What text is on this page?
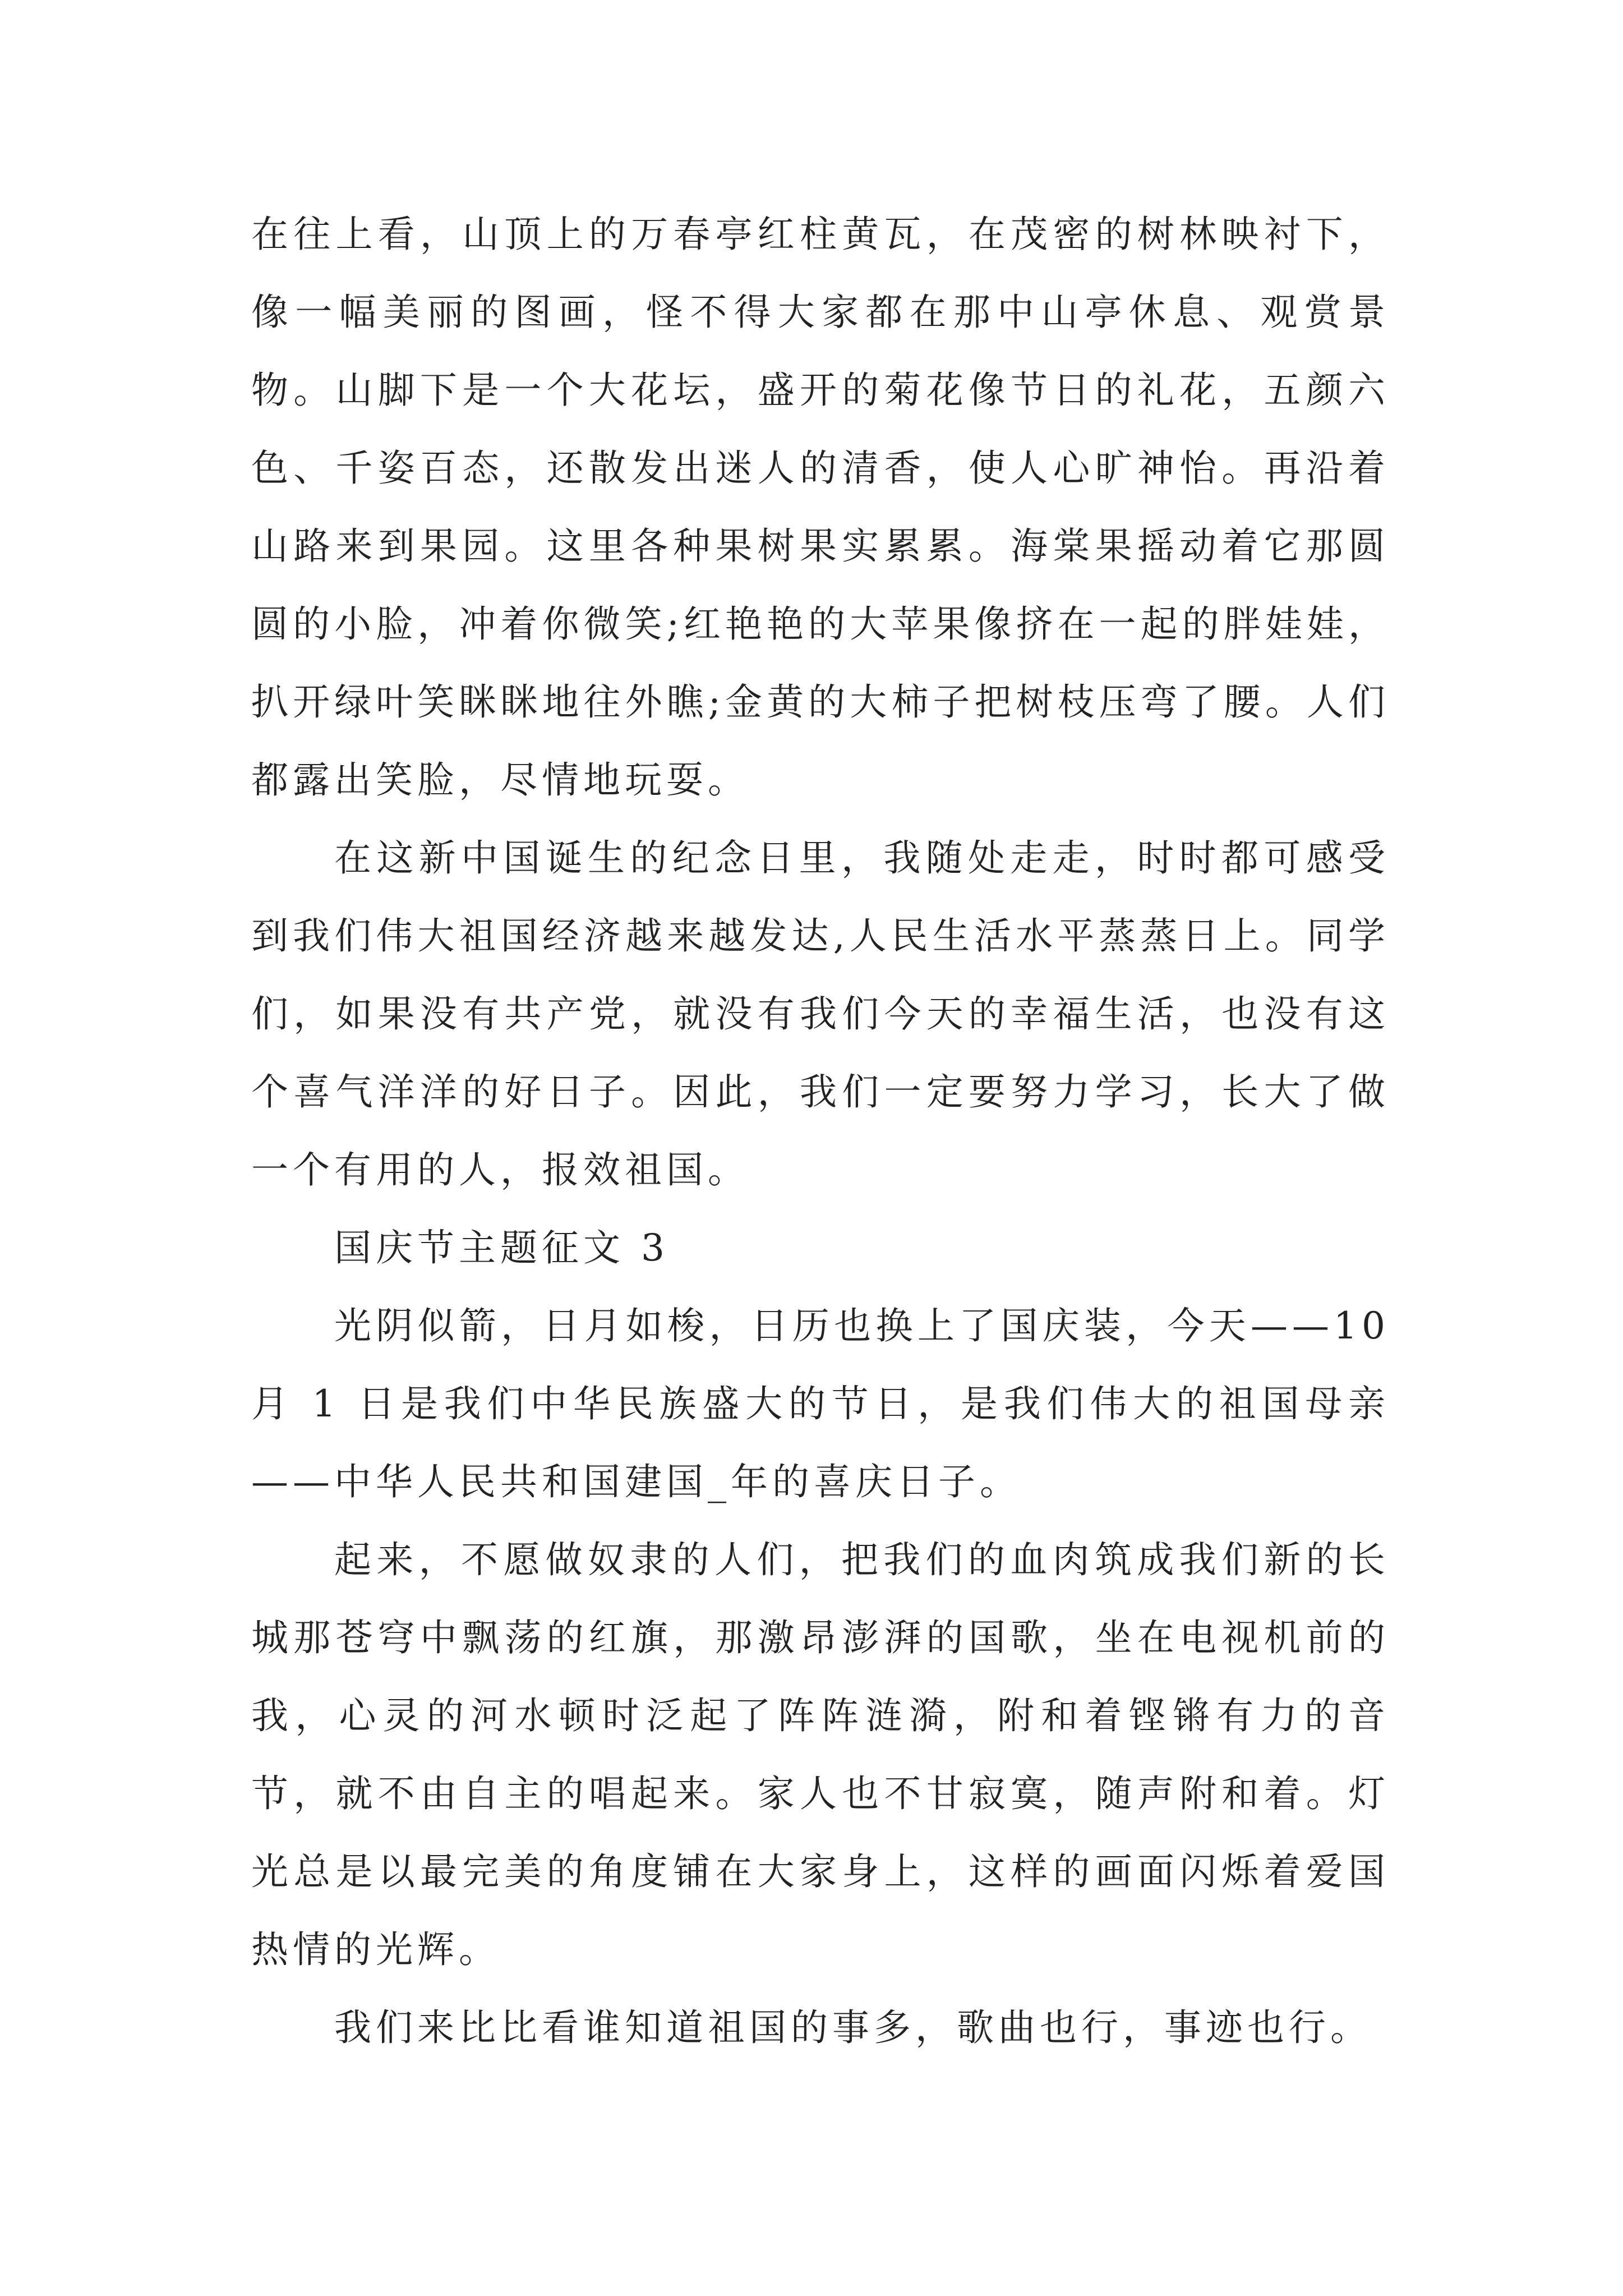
在往上看，山顶上的万春亭红柱黄瓦，在茂密的树林映衬下，像一幅美丽的图画，怪不得大家都在那中山亭休息、观赏景物。山脚下是一个大花坛，盛开的菊花像节日的礼花，五颜六色、千姿百态，还散发出迷人的清香，使人心旷神怡。再沿着山路来到果园。这里各种果树果实累累。海棠果摇动着它那圆圆的小脸，冲着你微笑;红艳艳的大苹果像挤在一起的胖娃娃，扒开绿叶笑眯眯地往外瞧;金黄的大柿子把树枝压弯了腰。人们都露出笑脸，尽情地玩耍。

在这新中国诞生的纪念日里，我随处走走，时时都可感受到我们伟大祖国经济越来越发达,人民生活水平蒸蒸日上。同学们，如果没有共产党，就没有我们今天的幸福生活，也没有这个喜气洋洋的好日子。因此，我们一定要努力学习，长大了做一个有用的人，报效祖国。

国庆节主题征文 3

光阴似箭，日月如梭，日历也换上了国庆装，今天——10 月 1 日是我们中华民族盛大的节日，是我们伟大的祖国母亲——中华人民共和国建国_年的喜庆日子。

起来，不愿做奴隶的人们，把我们的血肉筑成我们新的长城那苍穹中飘荡的红旗，那激昂澎湃的国歌，坐在电视机前的我，心灵的河水顿时泛起了阵阵涟漪，附和着铿锵有力的音节，就不由自主的唱起来。家人也不甘寂寞，随声附和着。灯光总是以最完美的角度铺在大家身上，这样的画面闪烁着爱国热情的光辉。

我们来比比看谁知道祖国的事多，歌曲也行，事迹也行。
